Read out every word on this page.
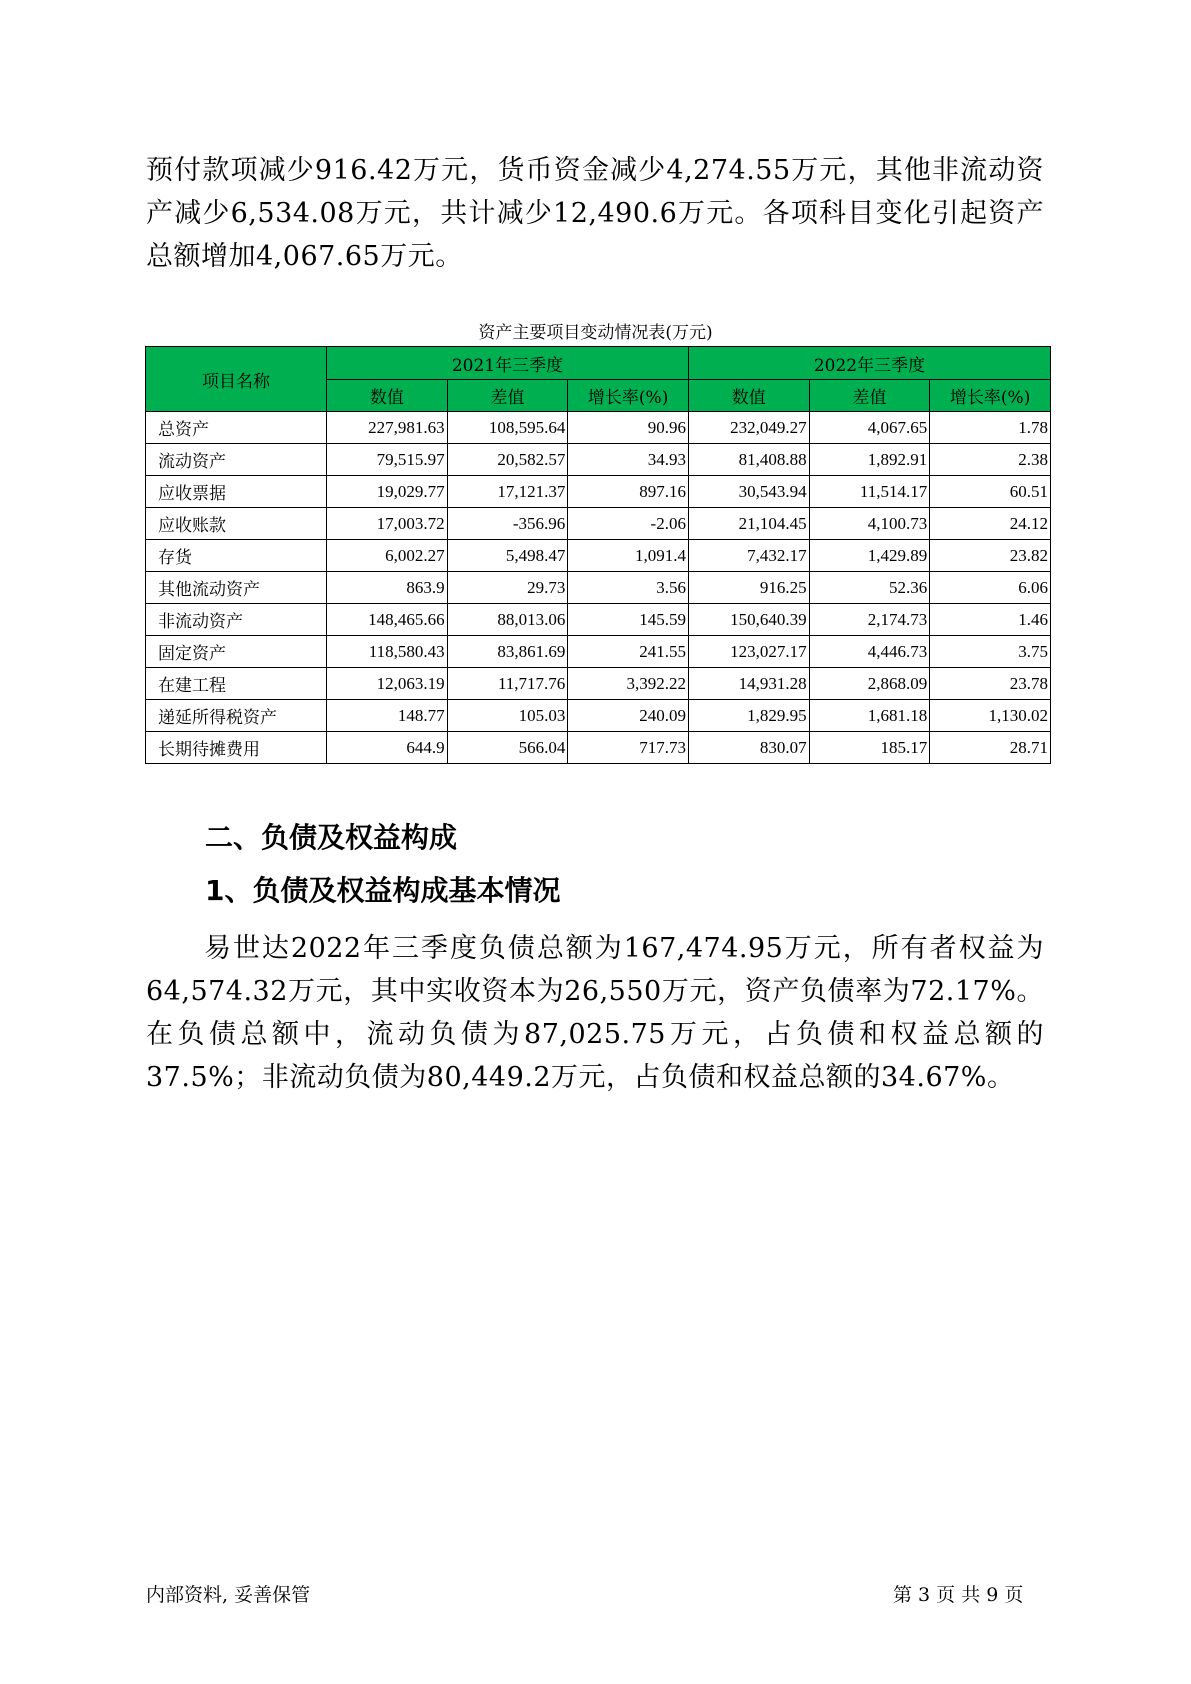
预付款项减少916.42万元，货币资金减少4,274.55万元，其他非流动资产减少6,534.08万元，共计减少12,490.6万元。各项科目变化引起资产总额增加4,067.65万元。

资产主要项目变动情况表(万元)
项目名称	2021年三季度			2022年三季度		
	数值	差值	增长率(%)	数值	差值	增长率(%)
总资产	227,981.63	108,595.64	90.96	232,049.27	4,067.65	1.78
流动资产	79,515.97	20,582.57	34.93	81,408.88	1,892.91	2.38
应收票据	19,029.77	17,121.37	897.16	30,543.94	11,514.17	60.51
应收账款	17,003.72	-356.96	-2.06	21,104.45	4,100.73	24.12
存货	6,002.27	5,498.47	1,091.4	7,432.17	1,429.89	23.82
其他流动资产	863.9	29.73	3.56	916.25	52.36	6.06
非流动资产	148,465.66	88,013.06	145.59	150,640.39	2,174.73	1.46
固定资产	118,580.43	83,861.69	241.55	123,027.17	4,446.73	3.75
在建工程	12,063.19	11,717.76	3,392.22	14,931.28	2,868.09	23.78
递延所得税资产	148.77	105.03	240.09	1,829.95	1,681.18	1,130.02
长期待摊费用	644.9	566.04	717.73	830.07	185.17	28.71
二、负债及权益构成
1、负债及权益构成基本情况

易世达2022年三季度负债总额为167,474.95万元，所有者权益为64,574.32万元，其中实收资本为26,550万元，资产负债率为72.17%。在负债总额中，流动负债为87,025.75万元，占负债和权益总额的37.5%；非流动负债为80,449.2万元，占负债和权益总额的34.67%。

内部资料, 妥善保管	第 3 页 共 9 页
